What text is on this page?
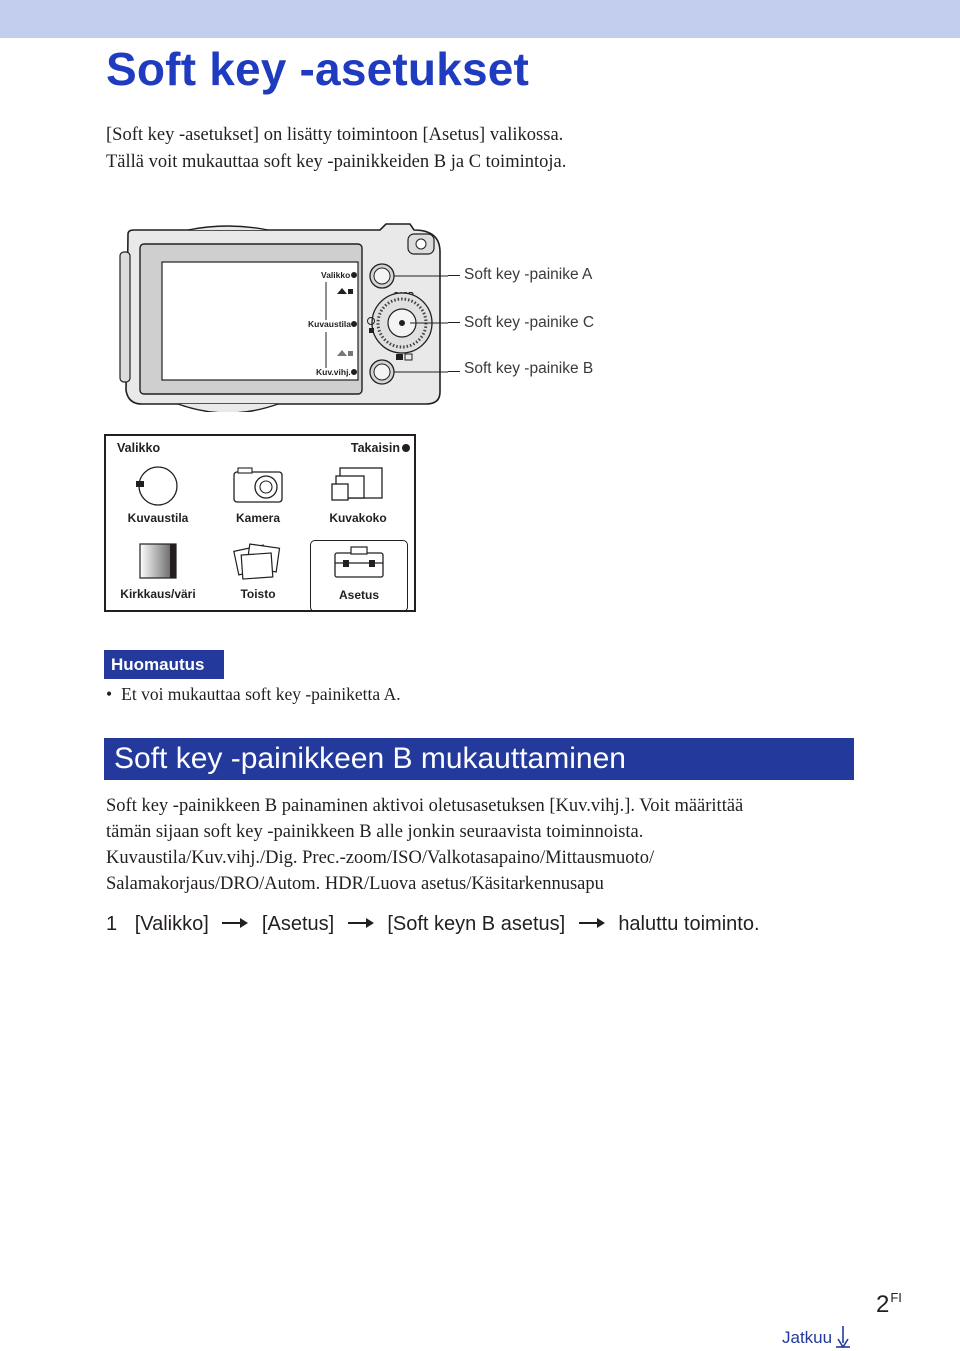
Soft key -asetukset
[Soft key -asetukset] on lisätty toimintoon [Asetus] valikossa.
Tällä voit mukauttaa soft key -painikkeiden B ja C toimintoja.
Valikko
Kuvaustila
Kuv.vihj.
Soft key -painike A
Soft key -painike C
Soft key -painike B
Valikko	Takaisin
Kuvaustila	Kamera	Kuvakoko
Kirkkaus/väri	Toisto	Asetus
Huomautus
• Et voi mukauttaa soft key -painiketta A.
Soft key -painikkeen B mukauttaminen
Soft key -painikkeen B painaminen aktivoi oletusasetuksen [Kuv.vihj.]. Voit määrittää
tämän sijaan soft key -painikkeen B alle jonkin seuraavista toiminnoista.
Kuvaustila/Kuv.vihj./Dig. Prec.-zoom/ISO/Valkotasapaino/Mittausmuoto/
Salamakorjaus/DRO/Autom. HDR/Luova asetus/Käsitarkennusapu
1 [Valikko]	[Asetus]	[Soft keyn B asetus]	haluttu toiminto.
$2^{FI}$
Jatkuu
